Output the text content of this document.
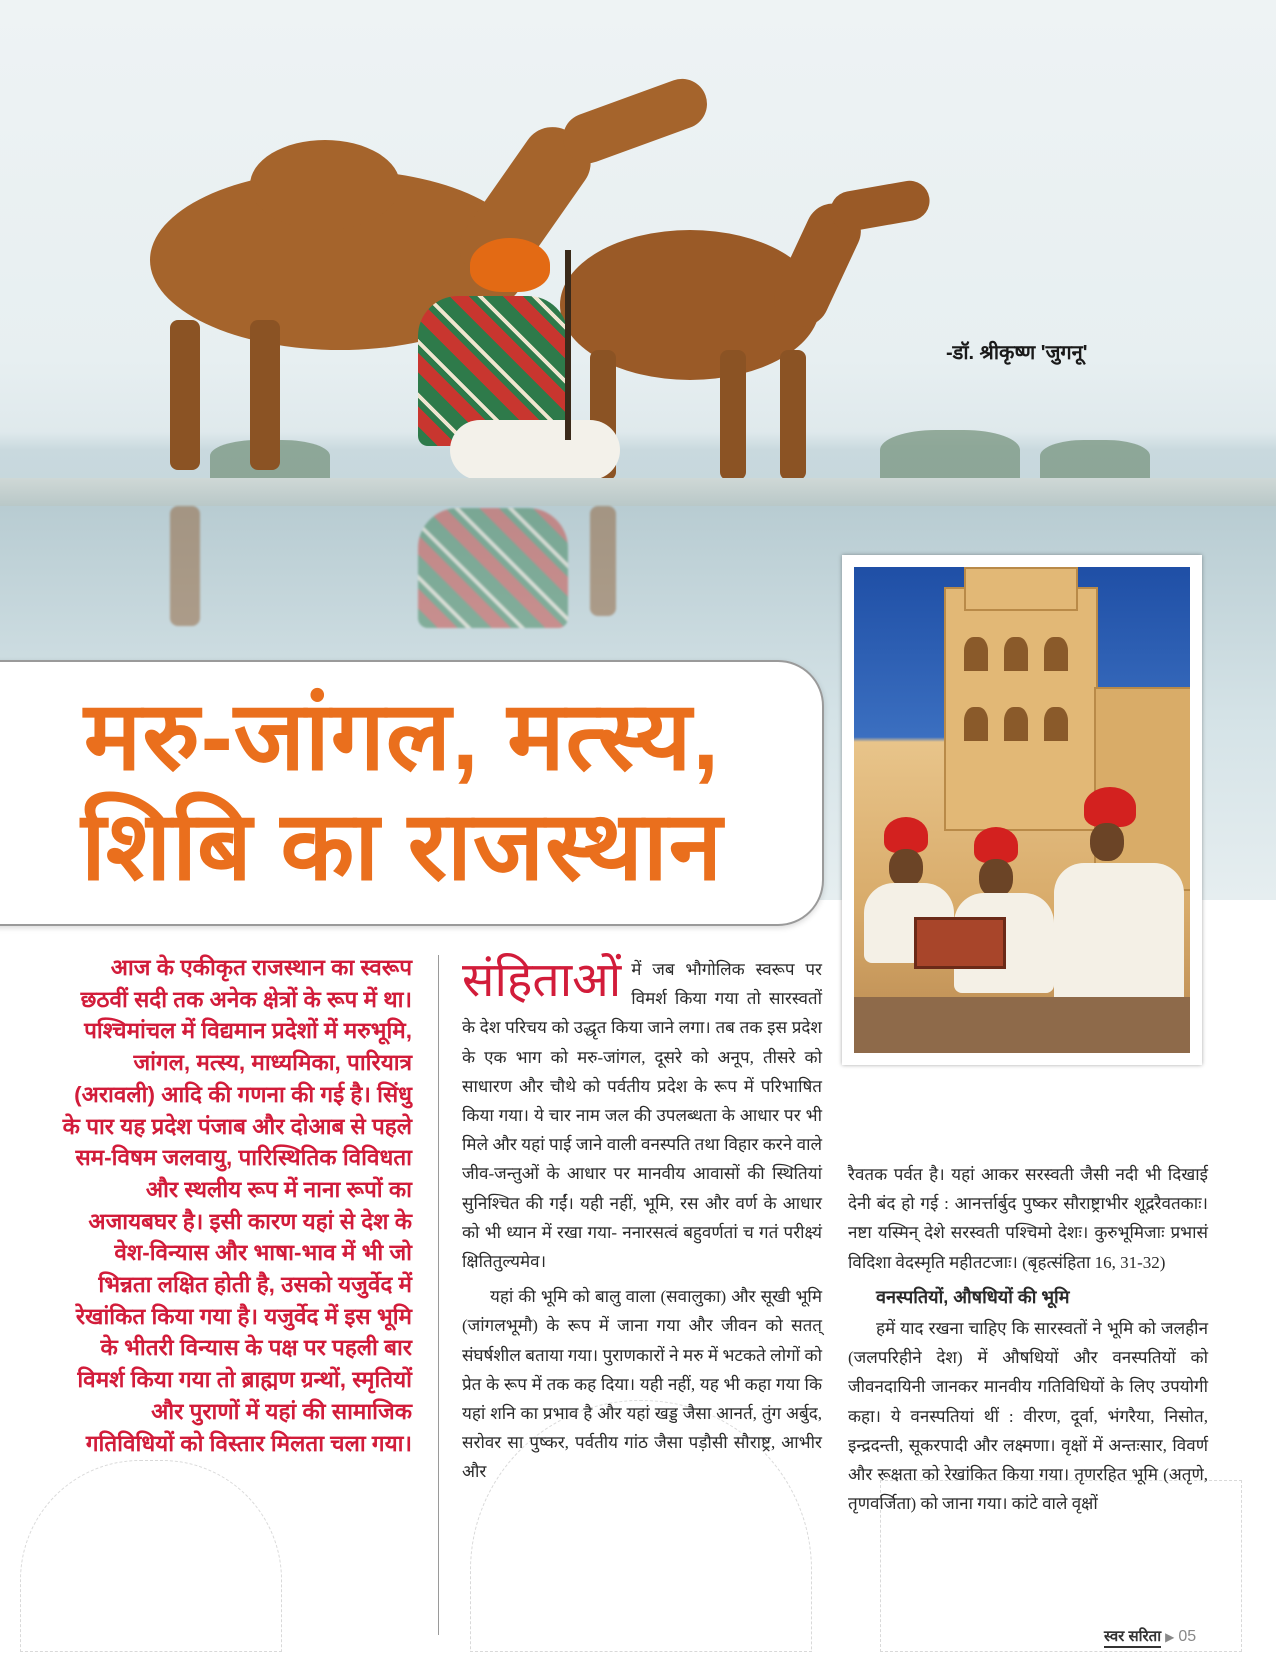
-डॉ. श्रीकृष्ण 'जुगनू'
मरु-जांगल, मत्स्य,
शिबि का राजस्थान
आज के एकीकृत राजस्थान का स्वरूप छठवीं सदी तक अनेक क्षेत्रों के रूप में था। पश्चिमांचल में विद्यमान प्रदेशों में मरुभूमि, जांगल, मत्स्य, माध्यमिका, पारियात्र (अरावली) आदि की गणना की गई है। सिंधु के पार यह प्रदेश पंजाब और दोआब से पहले सम-विषम जलवायु, पारिस्थितिक विविधता और स्थलीय रूप में नाना रूपों का अजायबघर है। इसी कारण यहां से देश के वेश-विन्यास और भाषा-भाव में भी जो भिन्नता लक्षित होती है, उसको यजुर्वेद में रेखांकित किया गया है। यजुर्वेद में इस भूमि के भीतरी विन्यास के पक्ष पर पहली बार विमर्श किया गया तो ब्राह्मण ग्रन्थों, स्मृतियों और पुराणों में यहां की सामाजिक गतिविधियों को विस्तार मिलता चला गया।

संहिताओं में जब भौगोलिक स्वरूप पर विमर्श किया गया तो सारस्वतों के देश परिचय को उद्धृत किया जाने लगा। तब तक इस प्रदेश के एक भाग को मरु-जांगल, दूसरे को अनूप, तीसरे को साधारण और चौथे को पर्वतीय प्रदेश के रूप में परिभाषित किया गया। ये चार नाम जल की उपलब्धता के आधार पर भी मिले और यहां पाई जाने वाली वनस्पति तथा विहार करने वाले जीव-जन्तुओं के आधार पर मानवीय आवासों की स्थितियां सुनिश्चित की गईं। यही नहीं, भूमि, रस और वर्ण के आधार को भी ध्यान में रखा गया- ननारसत्वं बहुवर्णतां च गतं परीक्ष्यं क्षितितुल्यमेव।

यहां की भूमि को बालु वाला (सवालुका) और सूखी भूमि (जांगलभूमौ) के रूप में जाना गया और जीवन को सतत् संघर्षशील बताया गया। पुराणकारों ने मरु में भटकते लोगों को प्रेत के रूप में तक कह दिया। यही नहीं, यह भी कहा गया कि यहां शनि का प्रभाव है और यहां खड्ड जैसा आनर्त, तुंग अर्बुद, सरोवर सा पुष्कर, पर्वतीय गांठ जैसा पड़ौसी सौराष्ट्र, आभीर और

रैवतक पर्वत है। यहां आकर सरस्वती जैसी नदी भी दिखाई देनी बंद हो गई : आनर्त्तार्बुद पुष्कर सौराष्ट्राभीर शूद्ररैवतकाः। नष्टा यस्मिन् देशे सरस्वती पश्चिमो देशः। कुरुभूमिजाः प्रभासं विदिशा वेदस्मृति महीतटजाः। (बृहत्संहिता 16, 31-32)

वनस्पतियों, औषधियों की भूमि

हमें याद रखना चाहिए कि सारस्वतों ने भूमि को जलहीन (जलपरिहीने देश) में औषधियों और वनस्पतियों को जीवनदायिनी जानकर मानवीय गतिविधियों के लिए उपयोगी कहा। ये वनस्पतियां थीं : वीरण, दूर्वा, भंगरैया, निसोत, इन्द्रदन्ती, सूकरपादी और लक्ष्मणा। वृक्षों में अन्तःसार, विवर्ण और रूक्षता को रेखांकित किया गया। तृणरहित भूमि (अतृणे, तृणवर्जिता) को जाना गया। कांटे वाले वृक्षों

स्वर सरिता ▶ 05
